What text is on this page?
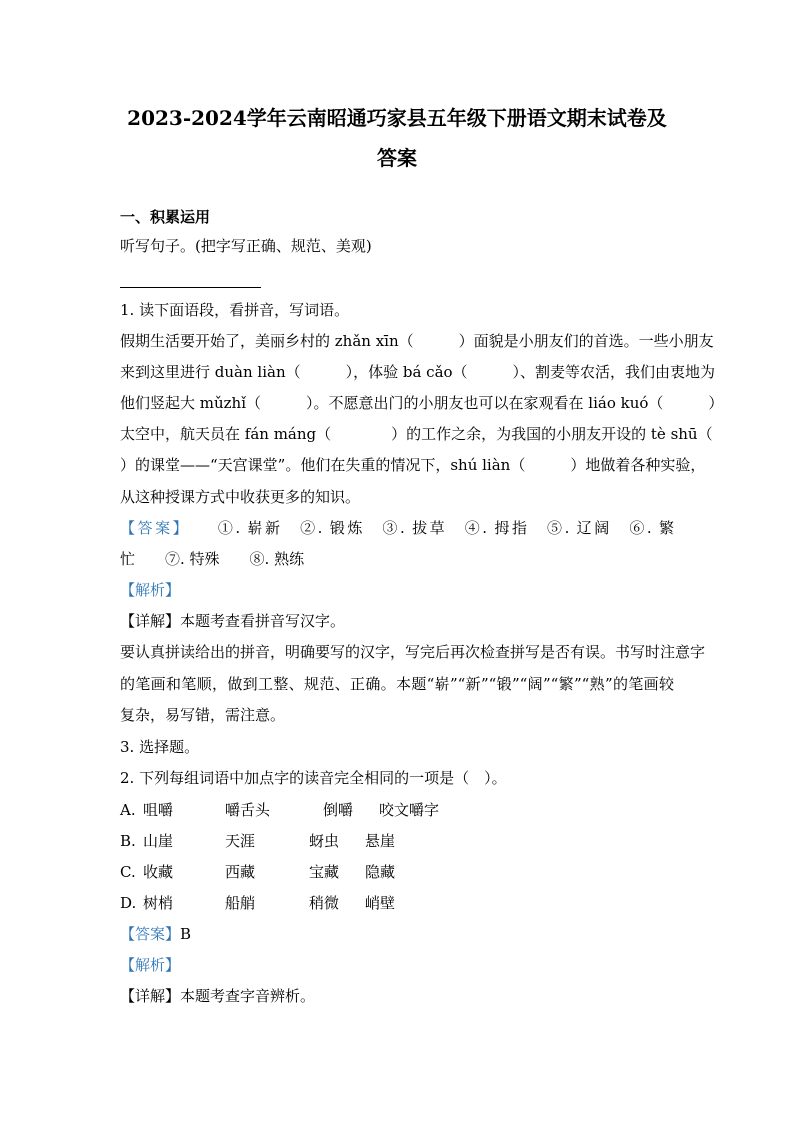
2023-2024学年云南昭通巧家县五年级下册语文期末试卷及
答案
一、积累运用
听写句子。(把字写正确、规范、美观)
1. 读下面语段，看拼音，写词语。
假期生活要开始了，美丽乡村的 zhǎn xīn（　　　）面貌是小朋友们的首选。一些小朋友
来到这里进行 duàn liàn（　　　），体验 bá cǎo（　　　）、割麦等农活，我们由衷地为
他们竖起大 mǔzhǐ（　　　）。不愿意出门的小朋友也可以在家观看在 liáo kuó（　　　）
太空中，航天员在 fán máng（　　　　）的工作之余，为我国的小朋友开设的 tè shū（
）的课堂——“天宫课堂”。他们在失重的情况下，shú liàn（　　　）地做着各种实验，
从这种授课方式中收获更多的知识。
【答案】　　 ①. 崭新　②. 锻炼　③. 拔草　④. 拇指　⑤. 辽阔　⑥. 繁
忙　　⑦. 特殊　　⑧. 熟练
【解析】
【详解】本题考查看拼音写汉字。
要认真拼读给出的拼音，明确要写的汉字，写完后再次检查拼写是否有误。书写时注意字
的笔画和笔顺，做到工整、规范、正确。本题“崭”“新”“锻”“阔”“繁”“熟”的笔画较
复杂，易写错，需注意。
3. 选择题。
2. 下列每组词语中加点字的读音完全相同的一项是（　）。
A. 咀嚼	嚼舌头	倒嚼 咬文嚼字
B. 山崖	天涯	蚜虫 悬崖
C. 收藏	西藏	宝藏 隐藏
D. 树梢	船艄	稍微 峭壁
【答案】B
【解析】
【详解】本题考查字音辨析。
